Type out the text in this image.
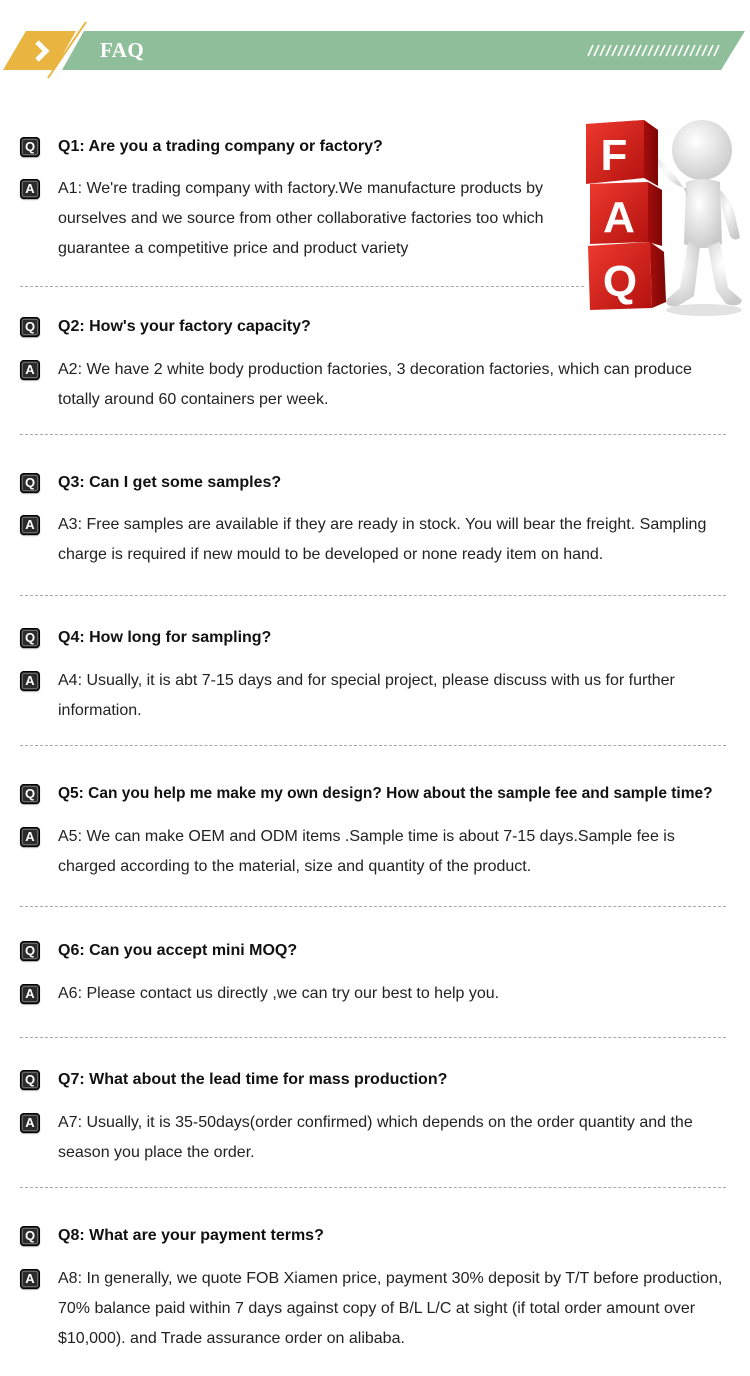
FAQ
F
A
Q
Q	Q1: Are you a trading company or factory?
A	A1: We're trading company with factory.We manufacture products by ourselves and we source from other collaborative factories too which guarantee a competitive price and product variety
Q	Q2: How's your factory capacity?
A	A2: We have 2 white body production factories, 3 decoration factories, which can produce totally around 60 containers per week.
Q	Q3: Can I get some samples?
A	A3: Free samples are available if they are ready in stock. You will bear the freight. Sampling charge is required if new mould to be developed or none ready item on hand.
Q	Q4: How long for sampling?
A	A4: Usually, it is abt 7-15 days and for special project, please discuss with us for further information.
Q	Q5: Can you help me make my own design? How about the sample fee and sample time?
A	A5: We can make OEM and ODM items .Sample time is about 7-15 days.Sample fee is charged according to the material, size and quantity of the product.
Q	Q6: Can you accept mini MOQ?
A	A6: Please contact us directly ,we can try our best to help you.
Q	Q7: What about the lead time for mass production?
A	A7: Usually, it is 35-50days(order confirmed) which depends on the order quantity and the season you place the order.
Q	Q8: What are your payment terms?
A	A8: In generally, we quote FOB Xiamen price, payment 30% deposit by T/T before production, 70% balance paid within 7 days against copy of B/L L/C at sight (if total order amount over $10,000). and Trade assurance order on alibaba.
